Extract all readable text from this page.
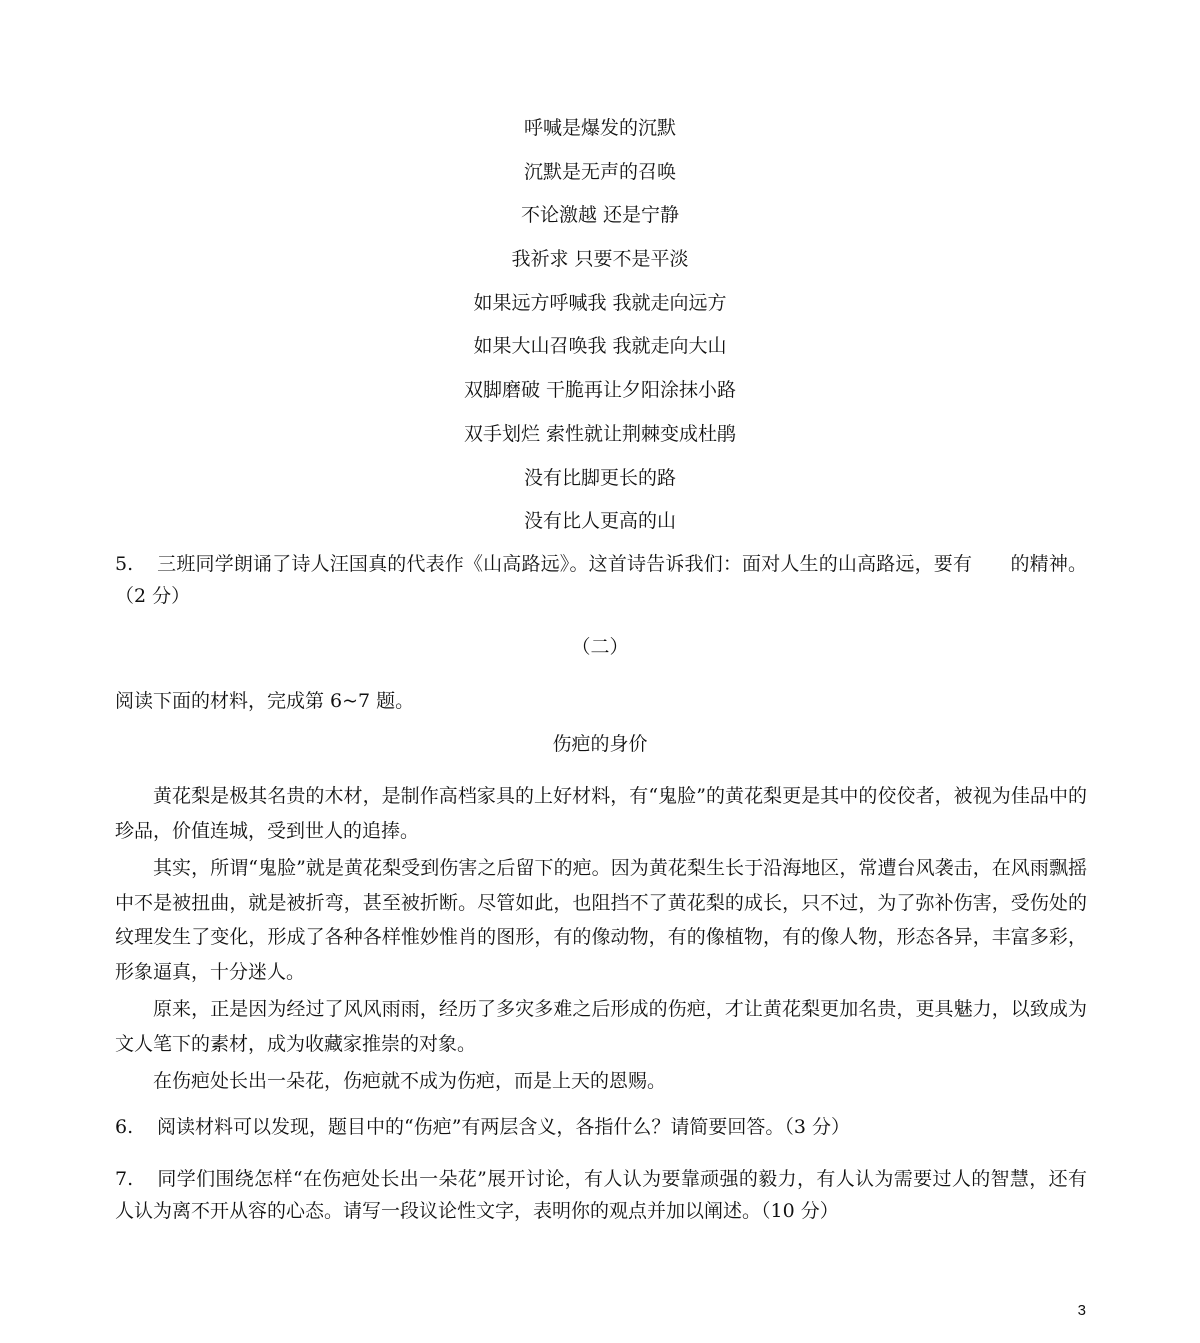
呼喊是爆发的沉默
沉默是无声的召唤
不论激越 还是宁静
我祈求 只要不是平淡
如果远方呼喊我 我就走向远方
如果大山召唤我 我就走向大山
双脚磨破 干脆再让夕阳涂抹小路
双手划烂 索性就让荆棘变成杜鹃
没有比脚更长的路
没有比人更高的山
5. 三班同学朗诵了诗人汪国真的代表作《山高路远》。这首诗告诉我们：面对人生的山高路远，要有　　的精神。（2 分）
（二）
阅读下面的材料，完成第 6~7 题。
伤疤的身价

黄花梨是极其名贵的木材，是制作高档家具的上好材料，有“鬼脸”的黄花梨更是其中的佼佼者，被视为佳品中的珍品，价值连城，受到世人的追捧。

其实，所谓“鬼脸”就是黄花梨受到伤害之后留下的疤。因为黄花梨生长于沿海地区，常遭台风袭击，在风雨飘摇中不是被扭曲，就是被折弯，甚至被折断。尽管如此，也阻挡不了黄花梨的成长，只不过，为了弥补伤害，受伤处的纹理发生了变化，形成了各种各样惟妙惟肖的图形，有的像动物，有的像植物，有的像人物，形态各异，丰富多彩，形象逼真，十分迷人。

原来，正是因为经过了风风雨雨，经历了多灾多难之后形成的伤疤，才让黄花梨更加名贵，更具魅力，以致成为文人笔下的素材，成为收藏家推崇的对象。

在伤疤处长出一朵花，伤疤就不成为伤疤，而是上天的恩赐。

6. 阅读材料可以发现，题目中的“伤疤”有两层含义，各指什么？请简要回答。（3 分）
7. 同学们围绕怎样“在伤疤处长出一朵花”展开讨论，有人认为要靠顽强的毅力，有人认为需要过人的智慧，还有人认为离不开从容的心态。请写一段议论性文字，表明你的观点并加以阐述。（10 分）
3
